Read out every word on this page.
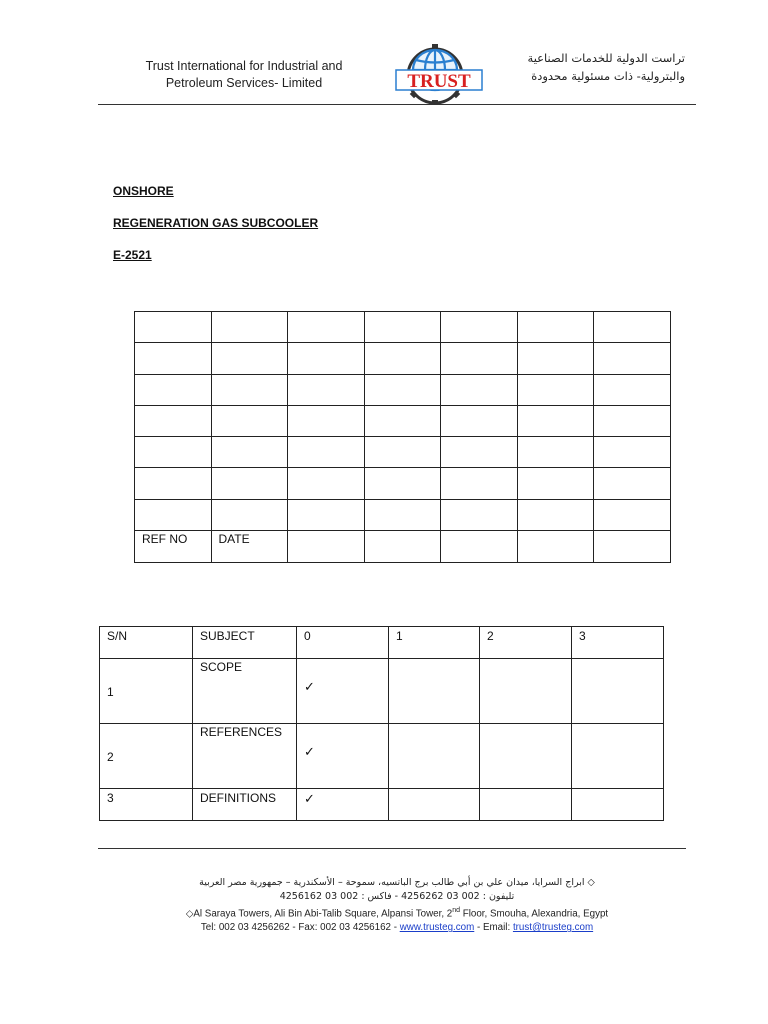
Trust International for Industrial and
Petroleum Services- Limited	TRUST
تراست الدولية للخدمات الصناعية
والبترولية- ذات مسئولية محدودة
ONSHORE
REGENERATION GAS SUBCOOLER
E-2521

REF NO	DATE					
S/N	SUBJECT	0	1	2	3
1	SCOPE	✓			
2	REFERENCES	✓			
3	DEFINITIONS	✓			
◇ ابراج السرايا، ميدان علي بن أبي طالب برج الباتسيه، سموحة – الأسكندرية – جمهورية مصر العربية
تليفون : 002 03 4256262 - فاكس : 002 03 4256162
◇Al Saraya Towers, Ali Bin Abi-Talib Square, Alpansi Tower, 2nd Floor, Smouha, Alexandria, Egypt
Tel: 002 03 4256262 - Fax: 002 03 4256162 - www.trusteg.com - Email: trust@trusteg.com
